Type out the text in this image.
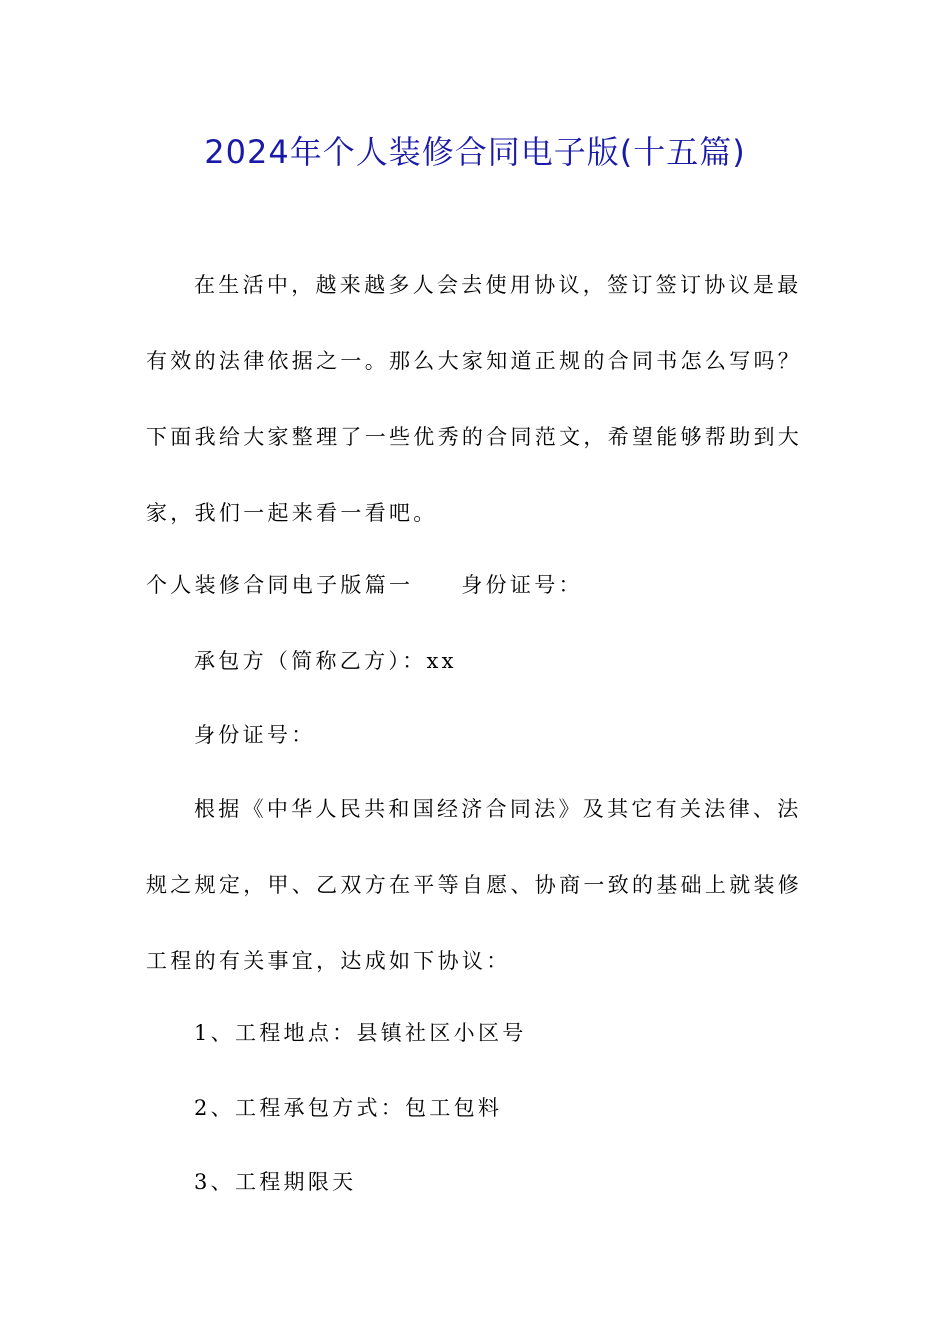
2024年个人装修合同电子版(十五篇)
在生活中，越来越多人会去使用协议，签订签订协议是最
有效的法律依据之一。那么大家知道正规的合同书怎么写吗？
下面我给大家整理了一些优秀的合同范文，希望能够帮助到大
家，我们一起来看一看吧。
个人装修合同电子版篇一 身份证号：
承包方（简称乙方）：xx
身份证号：
根据《中华人民共和国经济合同法》及其它有关法律、法
规之规定，甲、乙双方在平等自愿、协商一致的基础上就装修
工程的有关事宜，达成如下协议：
1、工程地点：县镇社区小区号
2、工程承包方式：包工包料
3、工程期限天
